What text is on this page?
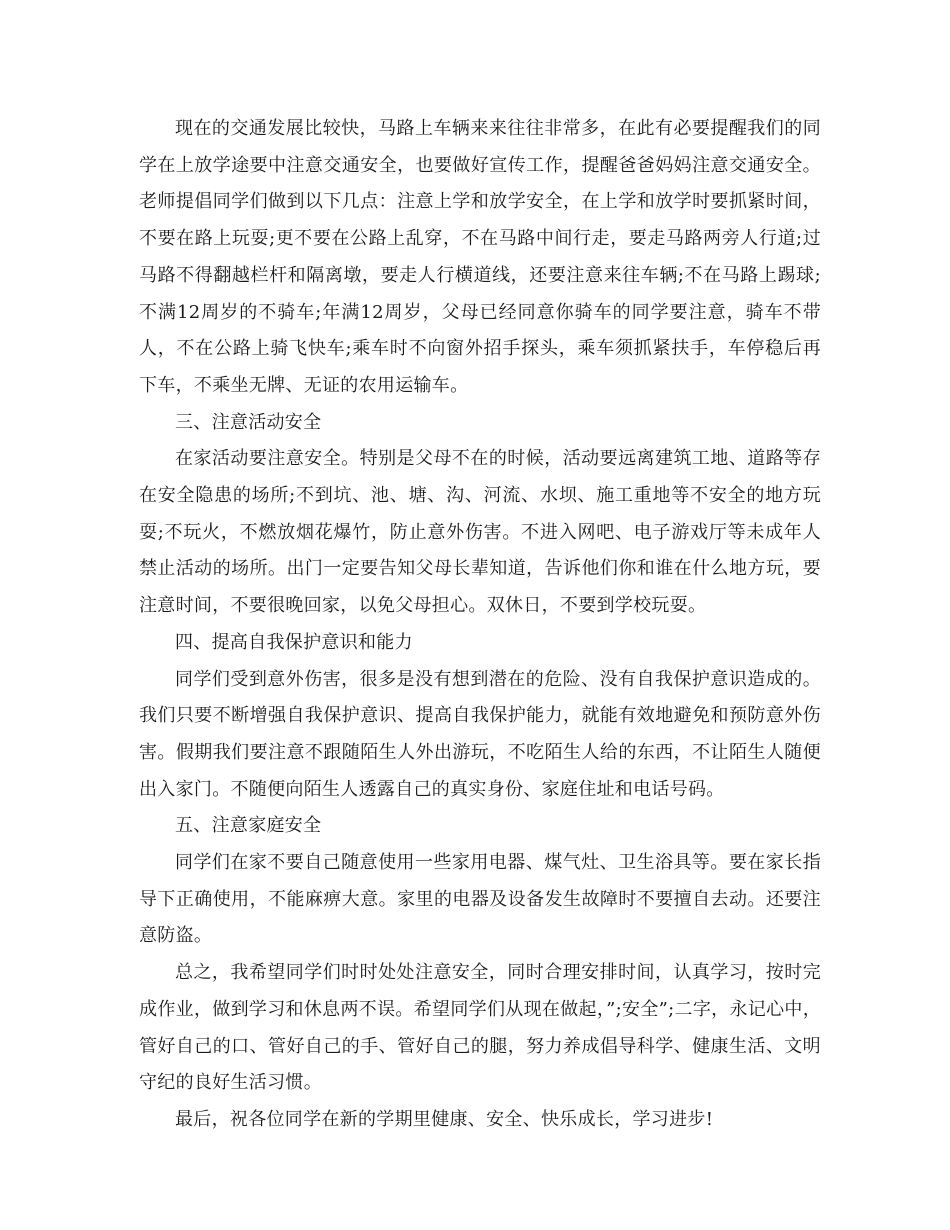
现在的交通发展比较快，马路上车辆来来往往非常多，在此有必要提醒我们的同学在上放学途要中注意交通安全，也要做好宣传工作，提醒爸爸妈妈注意交通安全。老师提倡同学们做到以下几点：注意上学和放学安全，在上学和放学时要抓紧时间，不要在路上玩耍;更不要在公路上乱穿，不在马路中间行走，要走马路两旁人行道;过马路不得翻越栏杆和隔离墩，要走人行横道线，还要注意来往车辆;不在马路上踢球;不满12周岁的不骑车;年满12周岁，父母已经同意你骑车的同学要注意，骑车不带人，不在公路上骑飞快车;乘车时不向窗外招手探头，乘车须抓紧扶手，车停稳后再下车，不乘坐无牌、无证的农用运输车。

三、注意活动安全

在家活动要注意安全。特别是父母不在的时候，活动要远离建筑工地、道路等存在安全隐患的场所;不到坑、池、塘、沟、河流、水坝、施工重地等不安全的地方玩耍;不玩火，不燃放烟花爆竹，防止意外伤害。不进入网吧、电子游戏厅等未成年人禁止活动的场所。出门一定要告知父母长辈知道，告诉他们你和谁在什么地方玩，要注意时间，不要很晚回家，以免父母担心。双休日，不要到学校玩耍。

四、提高自我保护意识和能力

同学们受到意外伤害，很多是没有想到潜在的危险、没有自我保护意识造成的。我们只要不断增强自我保护意识、提高自我保护能力，就能有效地避免和预防意外伤害。假期我们要注意不跟随陌生人外出游玩，不吃陌生人给的东西，不让陌生人随便出入家门。不随便向陌生人透露自己的真实身份、家庭住址和电话号码。

五、注意家庭安全

同学们在家不要自己随意使用一些家用电器、煤气灶、卫生浴具等。要在家长指导下正确使用，不能麻痹大意。家里的电器及设备发生故障时不要擅自去动。还要注意防盗。

总之，我希望同学们时时处处注意安全，同时合理安排时间，认真学习，按时完成作业，做到学习和休息两不误。希望同学们从现在做起，”;安全”;二字，永记心中，管好自己的口、管好自己的手、管好自己的腿，努力养成倡导科学、健康生活、文明守纪的良好生活习惯。

最后，祝各位同学在新的学期里健康、安全、快乐成长，学习进步!
